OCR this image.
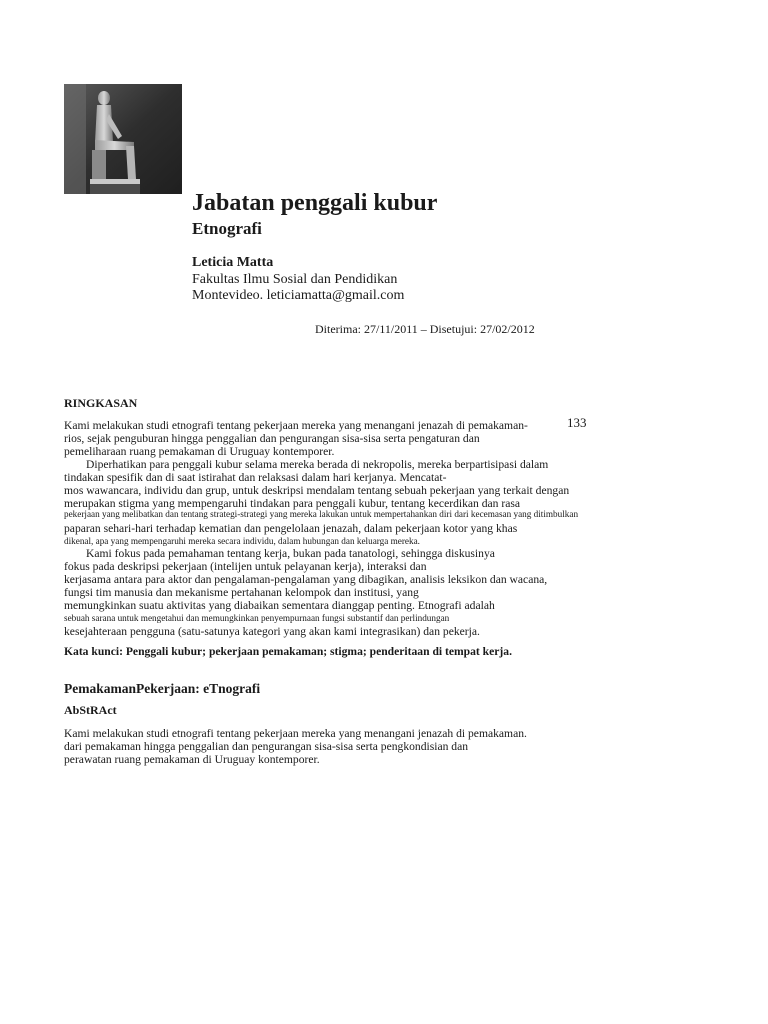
Jabatan penggali kubur
Etnografi
Leticia Matta
Fakultas Ilmu Sosial dan Pendidikan
Montevideo. leticiamatta@gmail.com
Diterima: 27/11/2011 – Disetujui: 27/02/2012
133
RINGKASAN
Kami melakukan studi etnografi tentang pekerjaan mereka yang menangani jenazah di pemakaman-
rios, sejak penguburan hingga penggalian dan pengurangan sisa-sisa serta pengaturan dan
pemeliharaan ruang pemakaman di Uruguay kontemporer.
Diperhatikan para penggali kubur selama mereka berada di nekropolis, mereka berpartisipasi dalam
tindakan spesifik dan di saat istirahat dan relaksasi dalam hari kerjanya. Mencatat-
mos wawancara, individu dan grup, untuk deskripsi mendalam tentang sebuah pekerjaan yang terkait dengan
merupakan stigma yang mempengaruhi tindakan para penggali kubur, tentang kecerdikan dan rasa
pekerjaan yang melibatkan dan tentang strategi-strategi yang mereka lakukan untuk mempertahankan diri dari kecemasan yang ditimbulkan
paparan sehari-hari terhadap kematian dan pengelolaan jenazah, dalam pekerjaan kotor yang khas
dikenal, apa yang mempengaruhi mereka secara individu, dalam hubungan dan keluarga mereka.
Kami fokus pada pemahaman tentang kerja, bukan pada tanatologi, sehingga diskusinya
fokus pada deskripsi pekerjaan (intelijen untuk pelayanan kerja), interaksi dan
kerjasama antara para aktor dan pengalaman-pengalaman yang dibagikan, analisis leksikon dan wacana,
fungsi tim manusia dan mekanisme pertahanan kelompok dan institusi, yang
memungkinkan suatu aktivitas yang diabaikan sementara dianggap penting. Etnografi adalah
sebuah sarana untuk mengetahui dan memungkinkan penyempurnaan fungsi substantif dan perlindungan
kesejahteraan pengguna (satu-satunya kategori yang akan kami integrasikan) dan pekerja.
Kata kunci: Penggali kubur; pekerjaan pemakaman; stigma; penderitaan di tempat kerja.
PemakamanPekerjaan: eTnografi
AbStRAct
Kami melakukan studi etnografi tentang pekerjaan mereka yang menangani jenazah di pemakaman.
dari pemakaman hingga penggalian dan pengurangan sisa-sisa serta pengkondisian dan
perawatan ruang pemakaman di Uruguay kontemporer.
